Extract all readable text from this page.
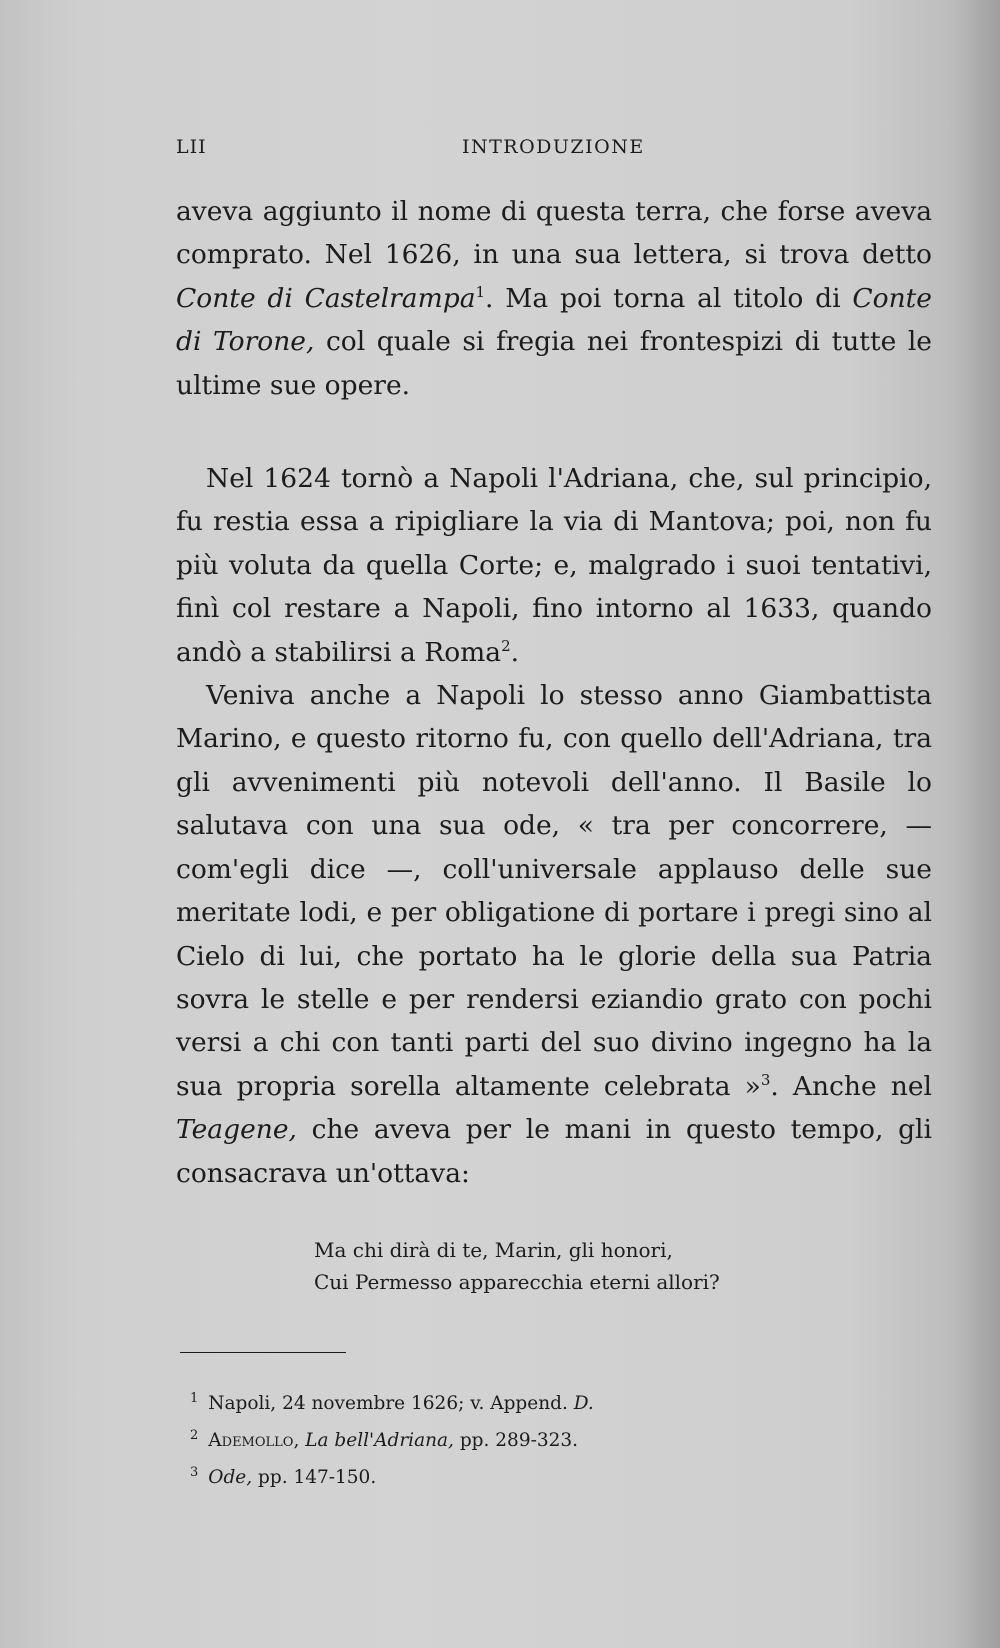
LII	INTRODUZIONE

aveva aggiunto il nome di questa terra, che forse aveva comprato. Nel 1626, in una sua lettera, si trova detto Conte di Castelrampa$^1$. Ma poi torna al titolo di Conte di Torone, col quale si fregia nei frontespizi di tutte le ultime sue opere.

Nel 1624 tornò a Napoli l'Adriana, che, sul principio, fu restia essa a ripigliare la via di Mantova; poi, non fu più voluta da quella Corte; e, malgrado i suoi tentativi, finì col restare a Napoli, fino intorno al 1633, quando andò a stabilirsi a Roma$^2$.

Veniva anche a Napoli lo stesso anno Giambattista Marino, e questo ritorno fu, con quello dell'Adriana, tra gli avvenimenti più notevoli dell'anno. Il Basile lo salutava con una sua ode, « tra per concorrere, — com'egli dice —, coll'universale applauso delle sue meritate lodi, e per obligatione di portare i pregi sino al Cielo di lui, che portato ha le glorie della sua Patria sovra le stelle e per rendersi eziandio grato con pochi versi a chi con tanti parti del suo divino ingegno ha la sua propria sorella altamente celebrata »$^3$. Anche nel Teagene, che aveva per le mani in questo tempo, gli consacrava un'ottava:

Ma chi dirà di te, Marin, gli honori,
Cui Permesso apparecchia eterni allori?
$^1$ Napoli, 24 novembre 1626; v. Append. D.
$^2$ Ademollo, La bell'Adriana, pp. 289-323.
$^3$ Ode, pp. 147-150.
